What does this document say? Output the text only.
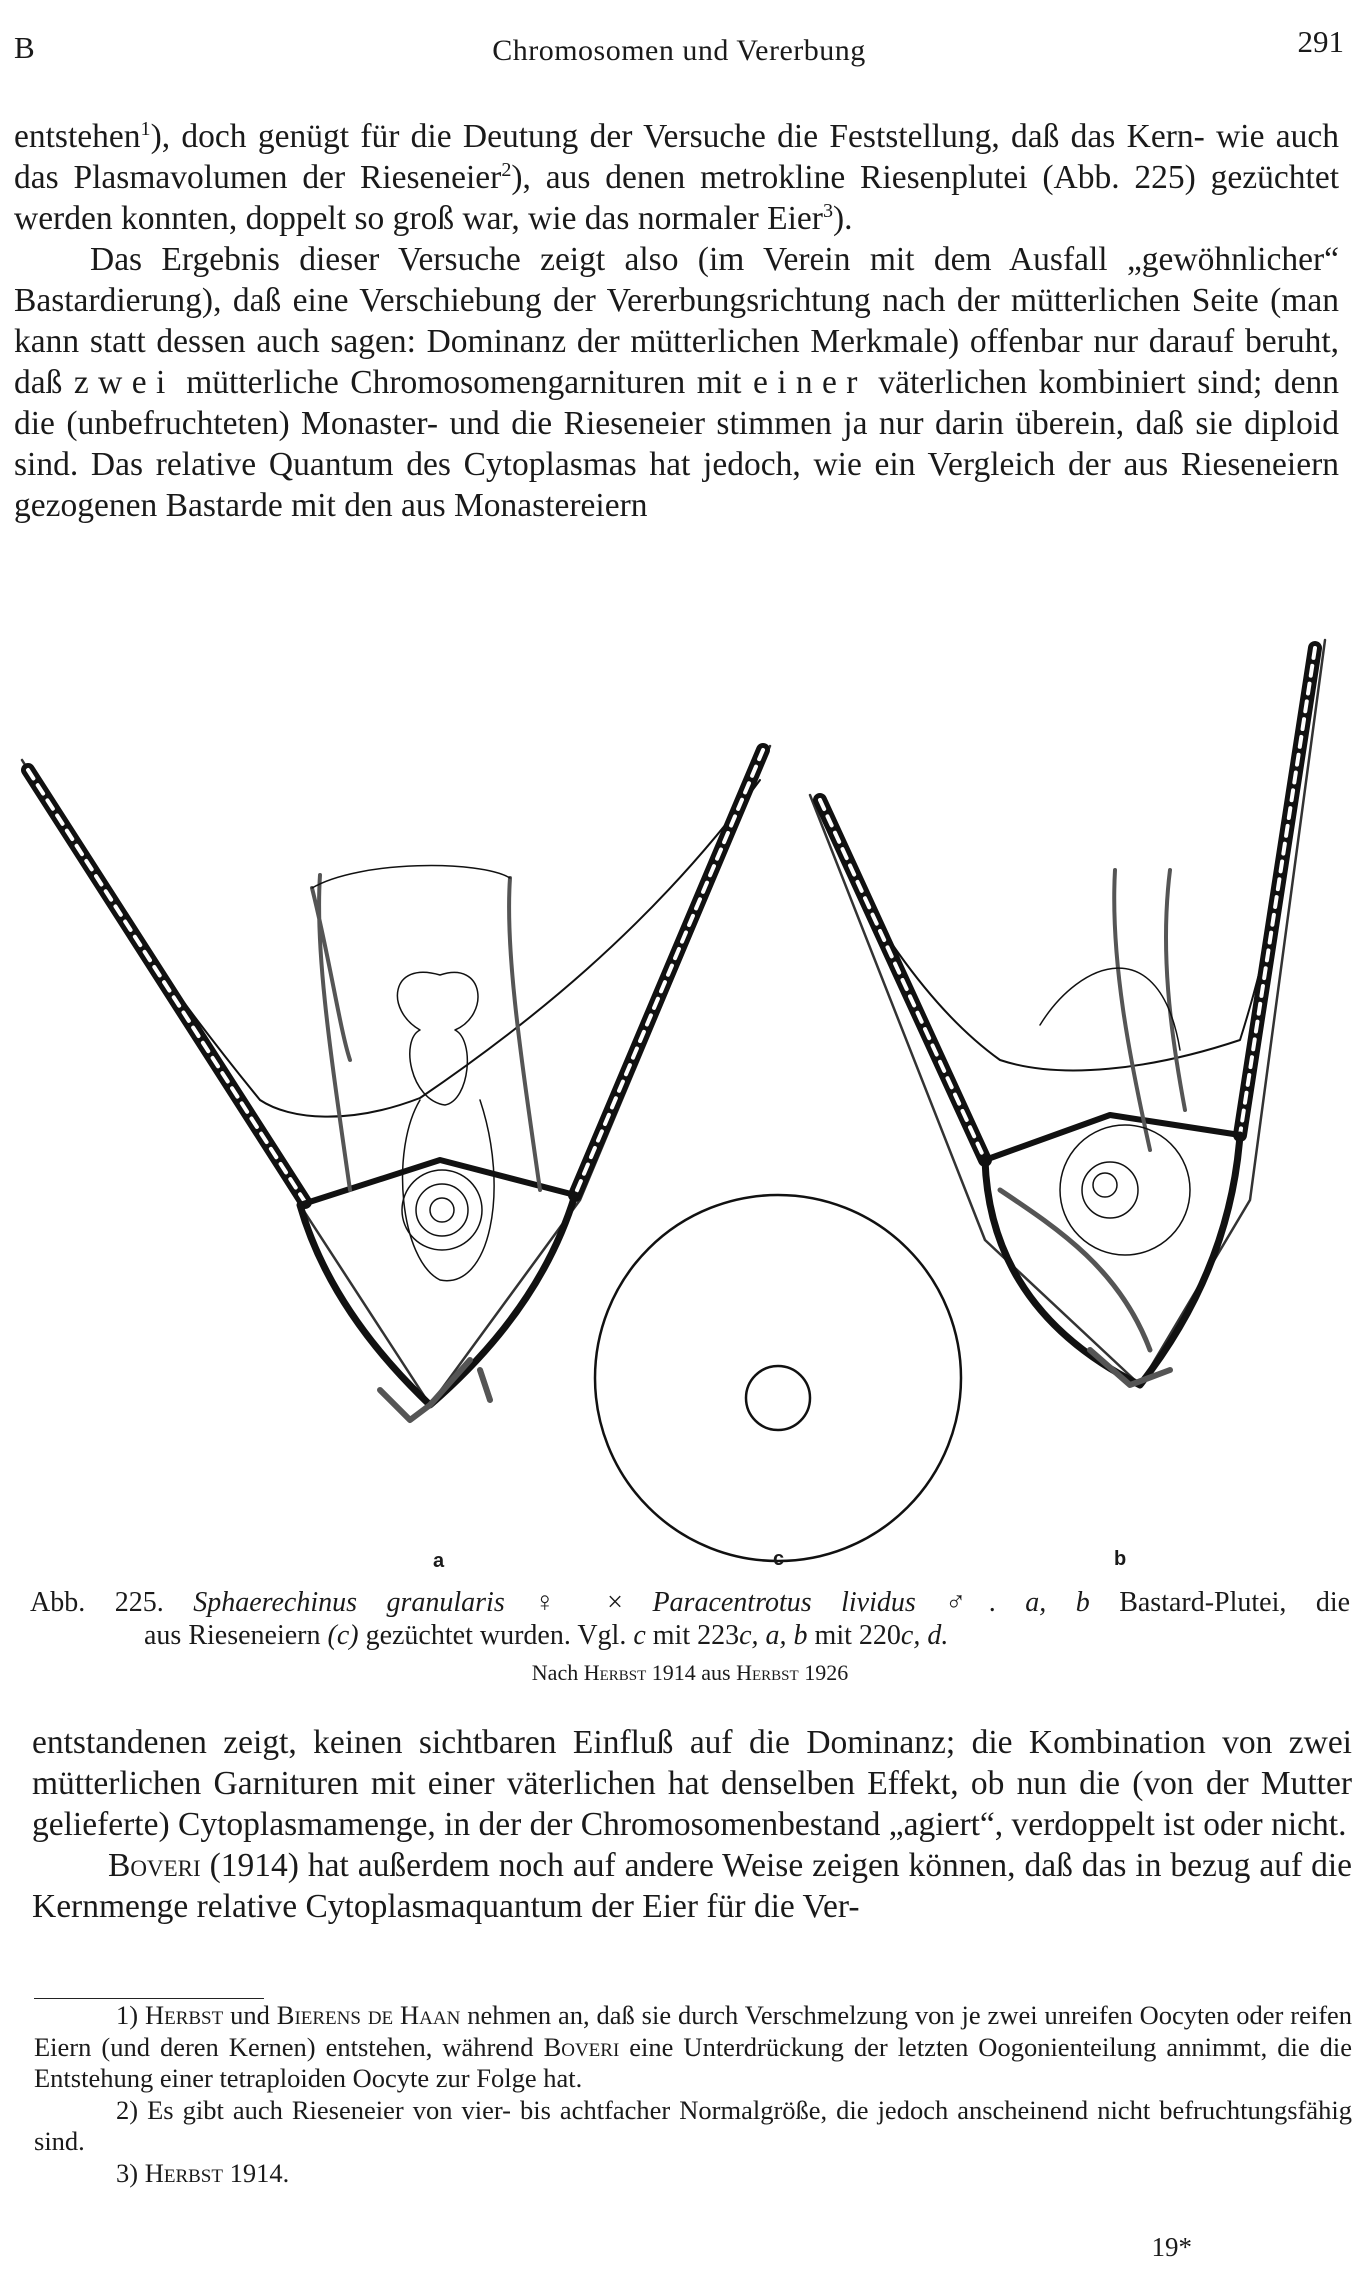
B	Chromosomen und Vererbung	291

entstehen$^1$), doch genügt für die Deutung der Versuche die Feststellung, daß das Kern- wie auch das Plasmavolumen der Rieseneier$^2$), aus denen metrokline Riesenplutei (Abb. 225) gezüchtet werden konnten, doppelt so groß war, wie das normaler Eier$^3$).

Das Ergebnis dieser Versuche zeigt also (im Verein mit dem Ausfall „gewöhnlicher“ Bastardierung), daß eine Verschiebung der Vererbungsrichtung nach der mütterlichen Seite (man kann statt dessen auch sagen: Dominanz der mütterlichen Merkmale) offenbar nur darauf beruht, daß zwei mütterliche Chromosomengarnituren mit einer väterlichen kombiniert sind; denn die (unbefruchteten) Monaster- und die Rieseneier stimmen ja nur darin überein, daß sie diploid sind. Das relative Quantum des Cytoplasmas hat jedoch, wie ein Vergleich der aus Rieseneiern gezogenen Bastarde mit den aus Monastereiern

a	c	b

Abb. 225. Sphaerechinus granularis ♀ × Paracentrotus lividus ♂. a, b Bastard-Plutei, die

aus Rieseneiern (c) gezüchtet wurden. Vgl. c mit 223c, a, b mit 220c, d.

Nach Herbst 1914 aus Herbst 1926

entstandenen zeigt, keinen sichtbaren Einfluß auf die Dominanz; die Kombination von zwei mütterlichen Garnituren mit einer väterlichen hat denselben Effekt, ob nun die (von der Mutter gelieferte) Cytoplasmamenge, in der der Chromosomenbestand „agiert“, verdoppelt ist oder nicht.

Boveri (1914) hat außerdem noch auf andere Weise zeigen können, daß das in bezug auf die Kernmenge relative Cytoplasmaquantum der Eier für die Ver-

1) Herbst und Bierens de Haan nehmen an, daß sie durch Verschmelzung von je zwei unreifen Oocyten oder reifen Eiern (und deren Kernen) entstehen, während Boveri eine Unterdrückung der letzten Oogonienteilung annimmt, die die Entstehung einer tetraploiden Oocyte zur Folge hat.

2) Es gibt auch Rieseneier von vier- bis achtfacher Normalgröße, die jedoch anscheinend nicht befruchtungsfähig sind.

3) Herbst 1914.

19*
